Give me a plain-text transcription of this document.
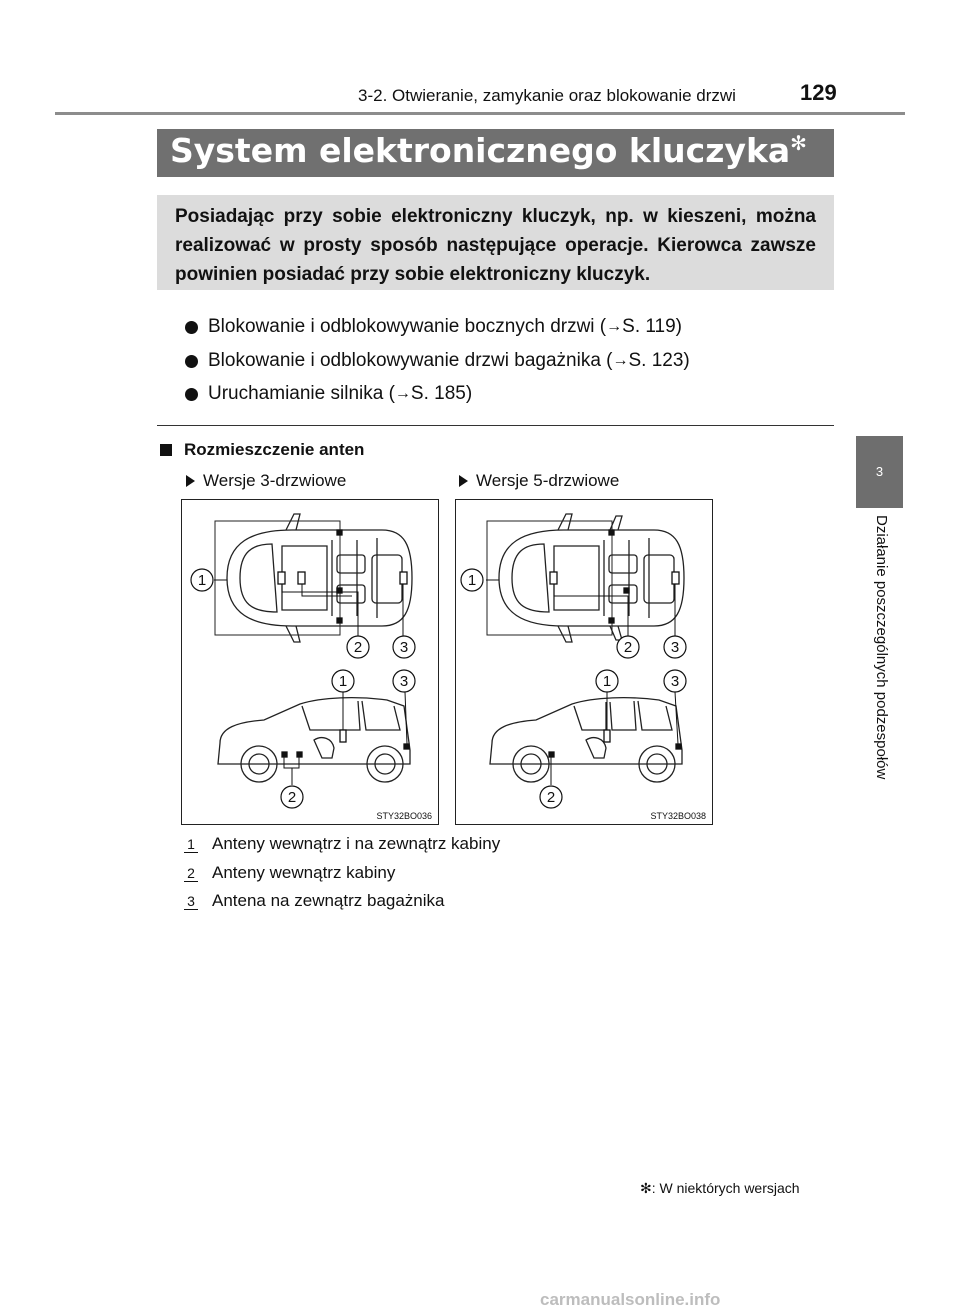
3-2. Otwieranie, zamykanie oraz blokowanie drzwi	129
3
Działanie poszczególnych podzespołów
System elektronicznego kluczyka✻
Posiadając przy sobie elektroniczny kluczyk, np. w kieszeni, można realizować w prosty sposób następujące operacje. Kierowca zawsze powinien posiadać przy sobie elektroniczny kluczyk.
Blokowanie i odblokowywanie bocznych drzwi ( → S. 119)
Blokowanie i odblokowywanie drzwi bagażnika ( → S. 123)
Uruchamianie silnika ( → S. 185)
Rozmieszczenie anten
Wersje 3-drzwiowe	Wersje 5-drzwiowe
1
2	3
1	3
2
STY32BO036
1
2	3
1	3
2
STY32BO038
1 Anteny wewnątrz i na zewnątrz kabiny
2 Anteny wewnątrz kabiny
3 Antena na zewnątrz bagażnika
✻: W niektórych wersjach
carmanualsonline.info
